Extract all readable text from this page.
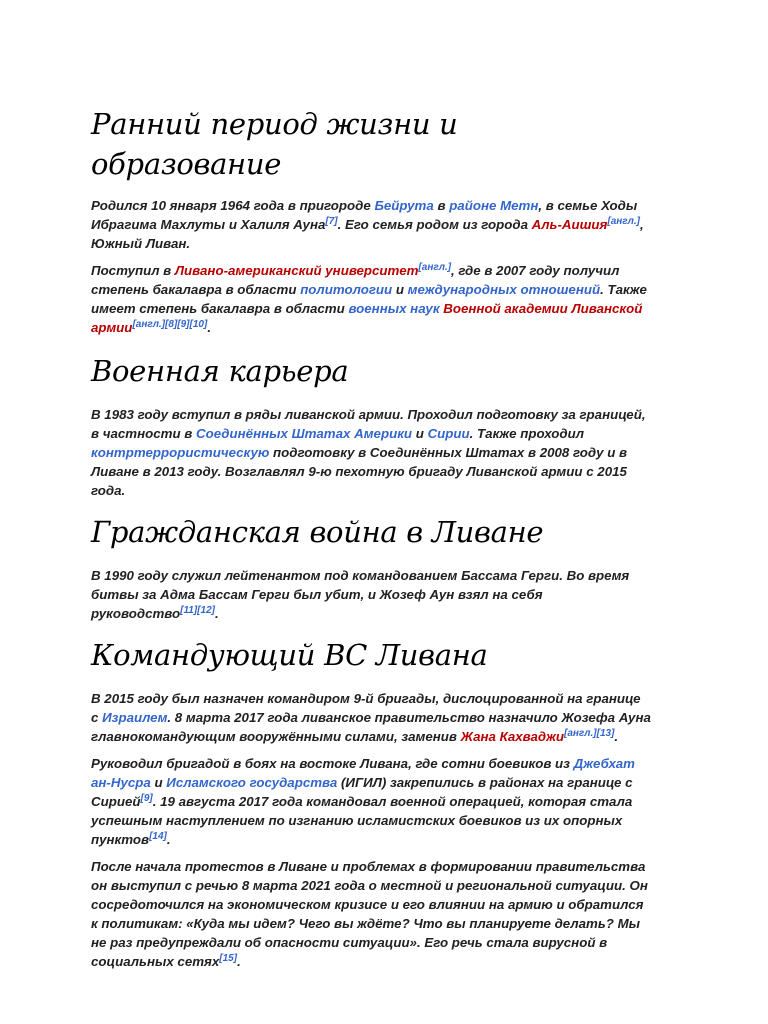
Ранний период жизни и образование

Родился 10 января 1964 года в пригороде Бейрута в районе Метн, в семье Ходы Ибрагима Махлуты и Халиля Ауна[7]. Его семья родом из города Аль-Аишия[англ.], Южный Ливан.

Поступил в Ливано-американский университет[англ.], где в 2007 году получил степень бакалавра в области политологии и международных отношений. Также имеет степень бакалавра в области военных наук Военной академии Ливанской армии[англ.][8][9][10].

Военная карьера

В 1983 году вступил в ряды ливанской армии. Проходил подготовку за границей, в частности в Соединённых Штатах Америки и Сирии. Также проходил контртеррористическую подготовку в Соединённых Штатах в 2008 году и в Ливане в 2013 году. Возглавлял 9-ю пехотную бригаду Ливанской армии с 2015 года.

Гражданская война в Ливане

В 1990 году служил лейтенантом под командованием Бассама Герги. Во время битвы за Адма Бассам Герги был убит, и Жозеф Аун взял на себя руководство[11][12].

Командующий ВС Ливана

В 2015 году был назначен командиром 9-й бригады, дислоцированной на границе с Израилем. 8 марта 2017 года ливанское правительство назначило Жозефа Ауна главнокомандующим вооружёнными силами, заменив Жана Кахваджи[англ.][13].

Руководил бригадой в боях на востоке Ливана, где сотни боевиков из Джебхат ан-Нусра и Исламского государства (ИГИЛ) закрепились в районах на границе с Сирией[9]. 19 августа 2017 года командовал военной операцией, которая стала успешным наступлением по изгнанию исламистских боевиков из их опорных пунктов[14].

После начала протестов в Ливане и проблемах в формировании правительства он выступил с речью 8 марта 2021 года о местной и региональной ситуации. Он сосредоточился на экономическом кризисе и его влиянии на армию и обратился к политикам: «Куда мы идем? Чего вы ждёте? Что вы планируете делать? Мы не раз предупреждали об опасности ситуации». Его речь стала вирусной в социальных сетях[15].
